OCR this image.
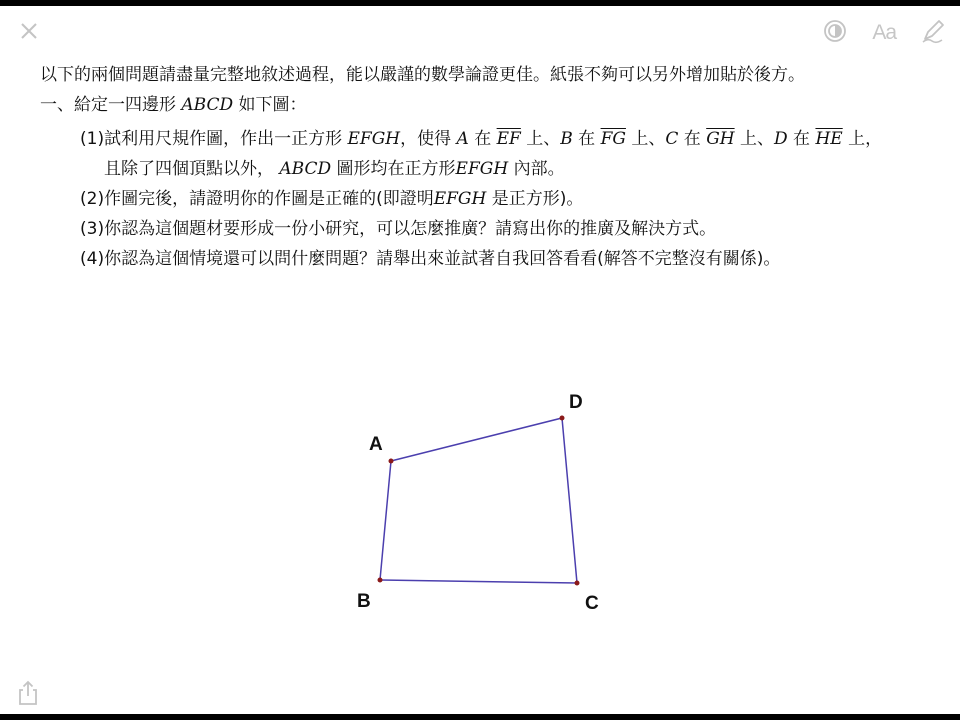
Aa
以下的兩個問題請盡量完整地敘述過程，能以嚴謹的數學論證更佳。紙張不夠可以另外增加貼於後方。
一、給定一四邊形 ABCD 如下圖：
(1)試利用尺規作圖，作出一正方形 EFGH，使得 A 在 $\overline{EF}$ 上、B 在 $\overline{FG}$ 上、C 在 $\overline{GH}$ 上、D 在 $\overline{HE}$ 上，
且除了四個頂點以外， ABCD 圖形均在正方形EFGH 內部。
(2)作圖完後，請證明你的作圖是正確的(即證明EFGH 是正方形)。
(3)你認為這個題材要形成一份小研究，可以怎麼推廣？請寫出你的推廣及解決方式。
(4)你認為這個情境還可以問什麼問題？請舉出來並試著自我回答看看(解答不完整沒有關係)。
A
D
C
B
